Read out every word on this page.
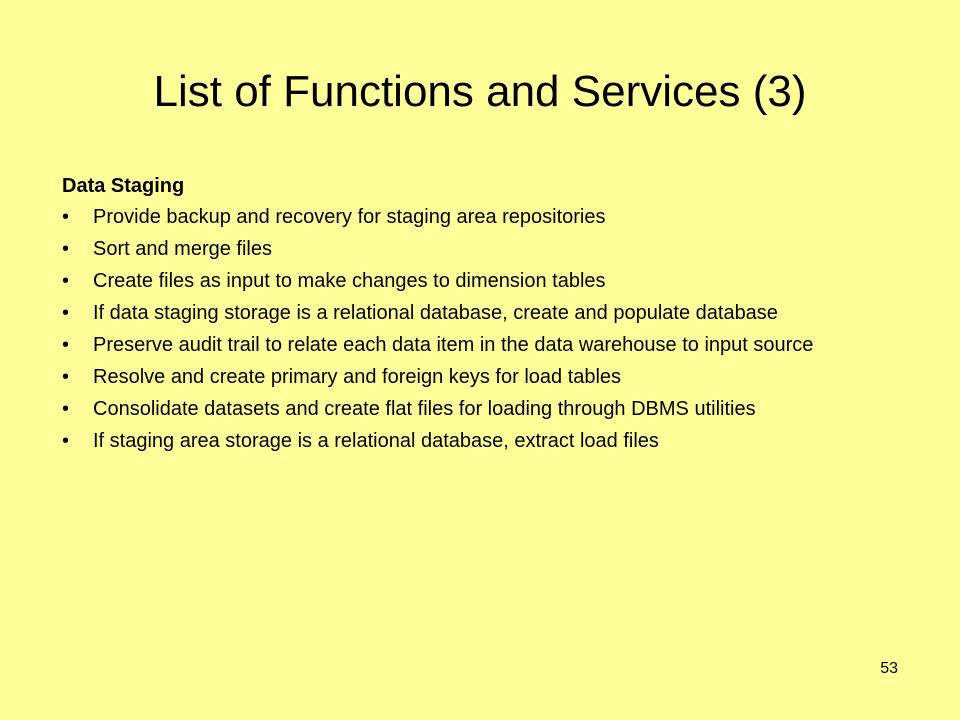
List of Functions and Services (3)
Data Staging
• Provide backup and recovery for staging area repositories
• Sort and merge files
• Create files as input to make changes to dimension tables
• If data staging storage is a relational database, create and populate database
• Preserve audit trail to relate each data item in the data warehouse to input source
• Resolve and create primary and foreign keys for load tables
• Consolidate datasets and create flat files for loading through DBMS utilities
• If staging area storage is a relational database, extract load files
53
